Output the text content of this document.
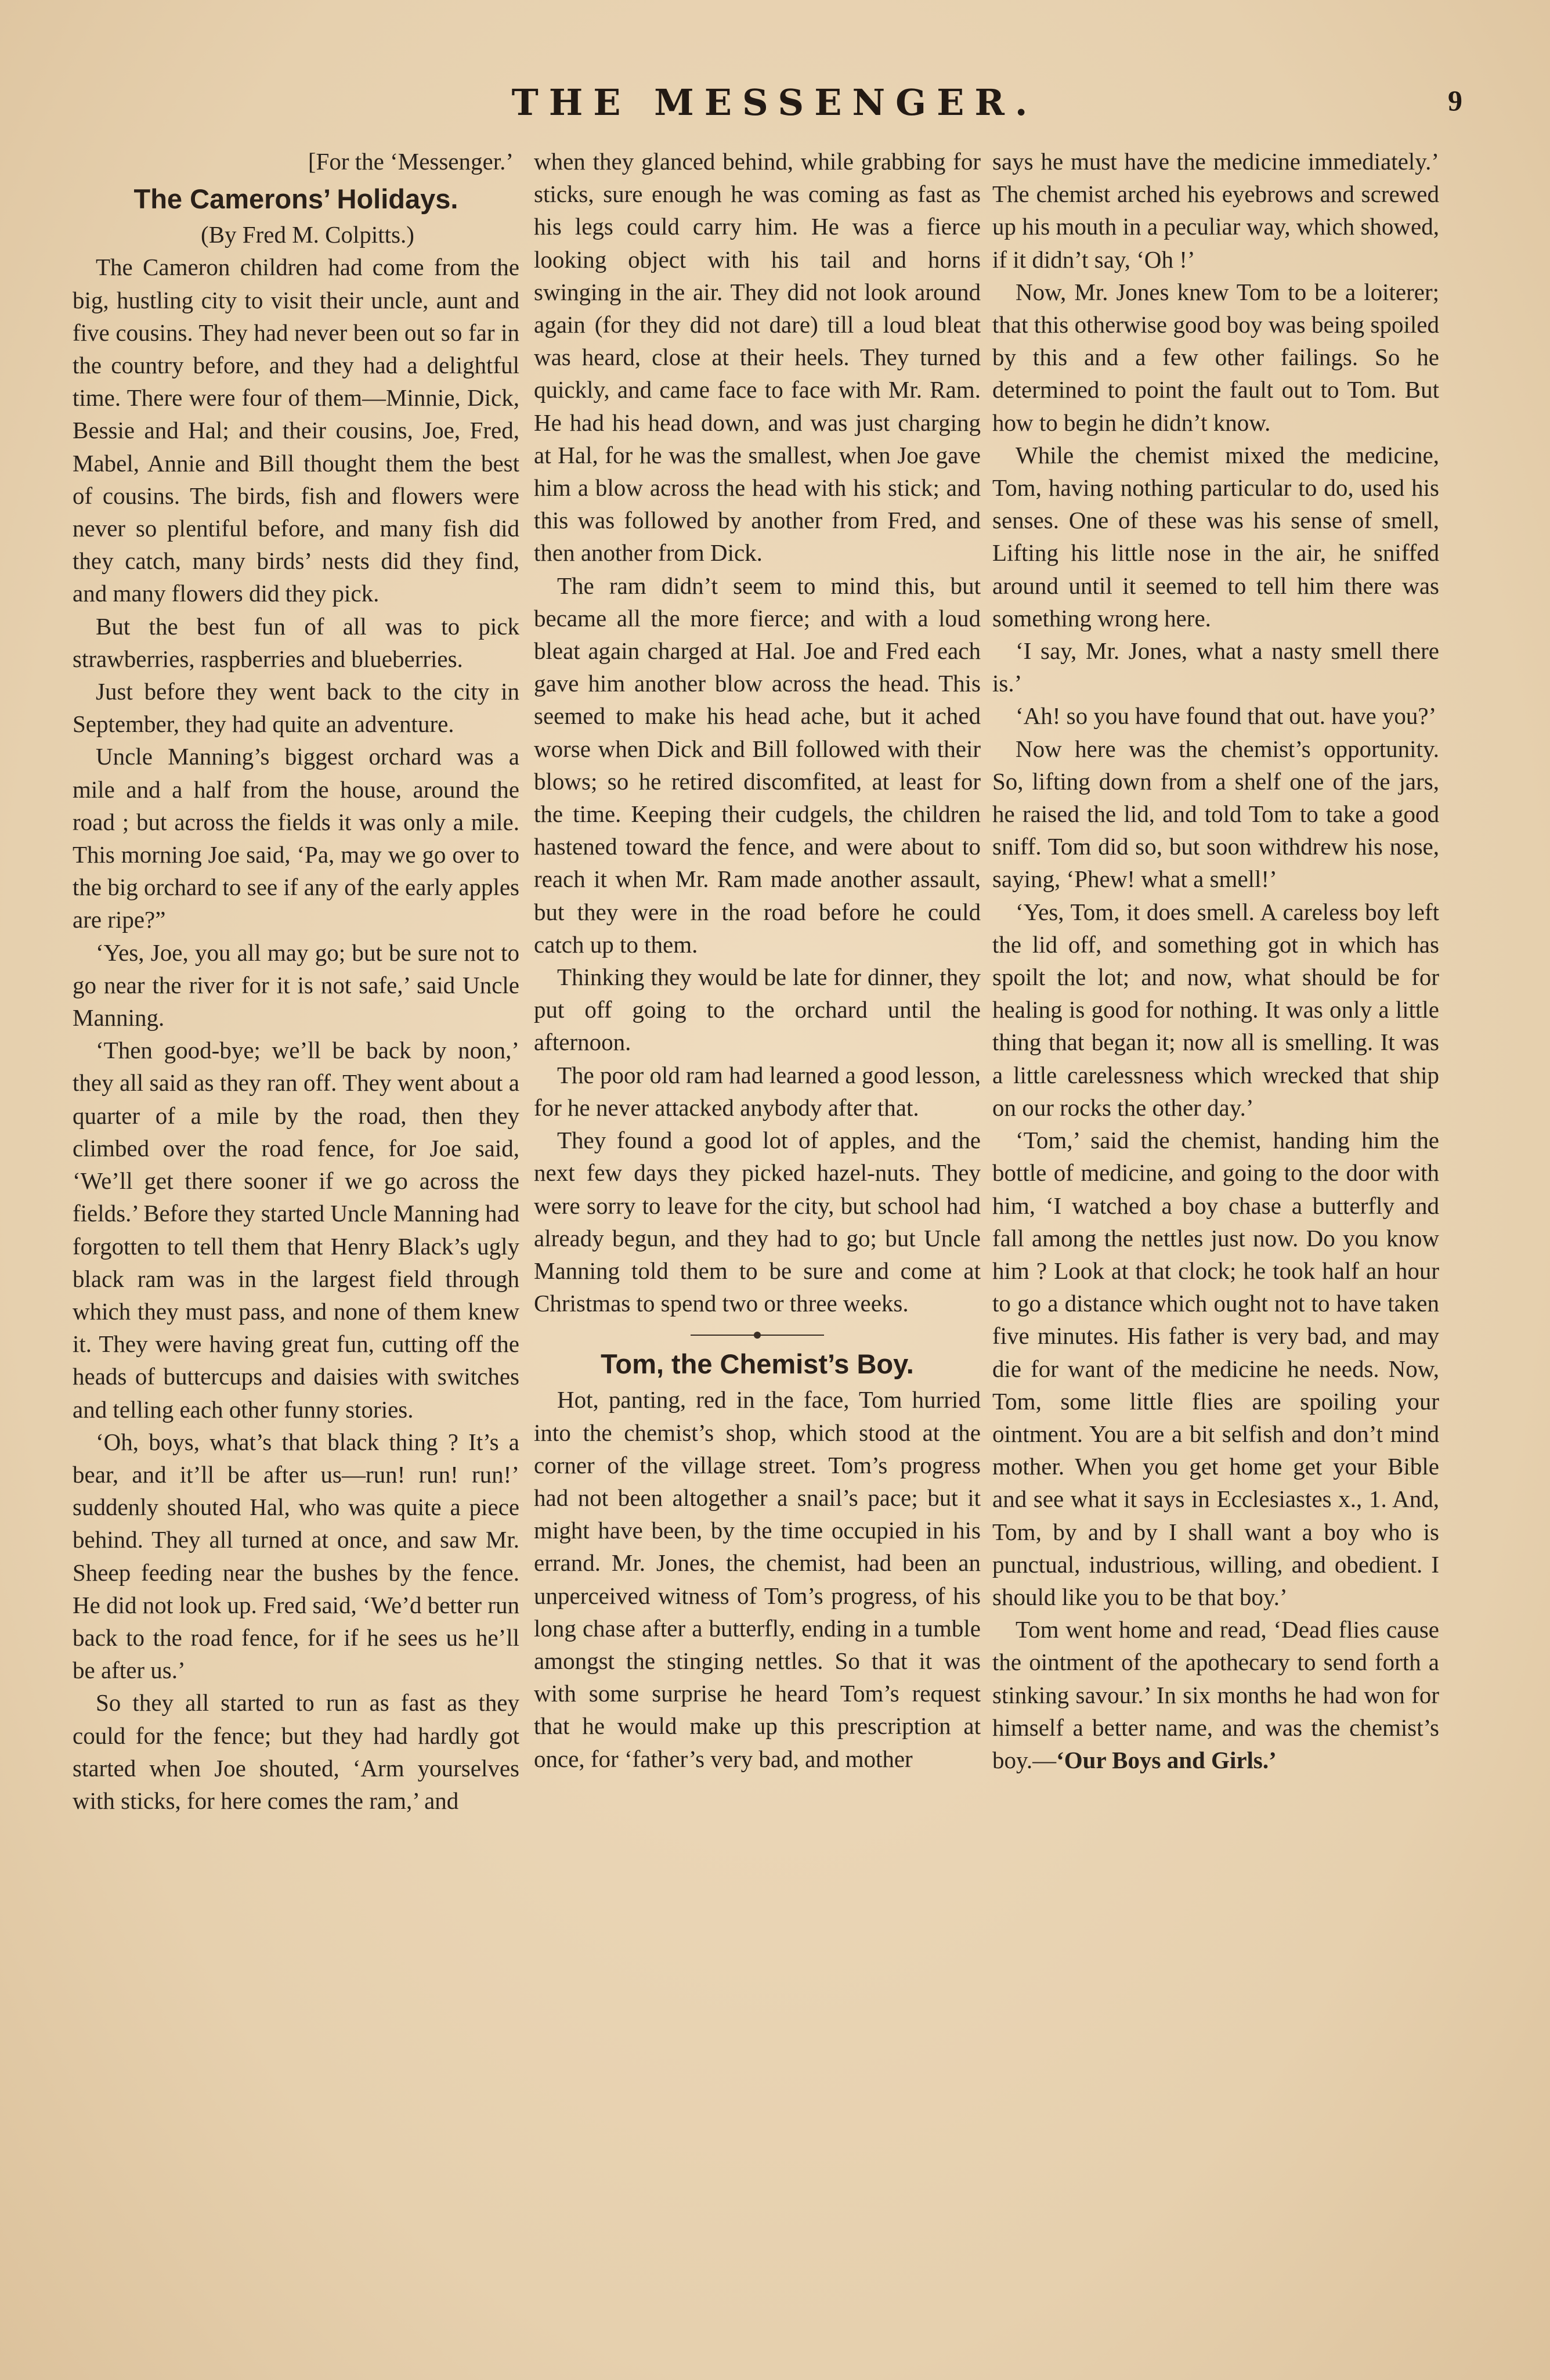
THE MESSENGER.	9

[For the ‘Messenger.’

The Camerons’ Holidays.

(By Fred M. Colpitts.)

The Cameron children had come from the big, hustling city to visit their uncle, aunt and five cousins. They had never been out so far in the country before, and they had a delightful time. There were four of them—Minnie, Dick, Bessie and Hal; and their cousins, Joe, Fred, Mabel, Annie and Bill thought them the best of cousins. The birds, fish and flowers were never so plentiful before, and many fish did they catch, many birds’ nests did they find, and many flowers did they pick.

But the best fun of all was to pick strawberries, raspberries and blueberries.

Just before they went back to the city in September, they had quite an adventure.

Uncle Manning’s biggest orchard was a mile and a half from the house, around the road ; but across the fields it was only a mile. This morning Joe said, ‘Pa, may we go over to the big orchard to see if any of the early apples are ripe?”

‘Yes, Joe, you all may go; but be sure not to go near the river for it is not safe,’ said Uncle Manning.

‘Then good-bye; we’ll be back by noon,’ they all said as they ran off. They went about a quarter of a mile by the road, then they climbed over the road fence, for Joe said, ‘We’ll get there sooner if we go across the fields.’ Before they started Uncle Manning had forgotten to tell them that Henry Black’s ugly black ram was in the largest field through which they must pass, and none of them knew it. They were having great fun, cutting off the heads of buttercups and daisies with switches and telling each other funny stories.

‘Oh, boys, what’s that black thing ? It’s a bear, and it’ll be after us—run! run! run!’ suddenly shouted Hal, who was quite a piece behind. They all turned at once, and saw Mr. Sheep feeding near the bushes by the fence. He did not look up. Fred said, ‘We’d better run back to the road fence, for if he sees us he’ll be after us.’

So they all started to run as fast as they could for the fence; but they had hardly got started when Joe shouted, ‘Arm yourselves with sticks, for here comes the ram,’ and

when they glanced behind, while grabbing for sticks, sure enough he was coming as fast as his legs could carry him. He was a fierce looking object with his tail and horns swinging in the air. They did not look around again (for they did not dare) till a loud bleat was heard, close at their heels. They turned quickly, and came face to face with Mr. Ram. He had his head down, and was just charging at Hal, for he was the smallest, when Joe gave him a blow across the head with his stick; and this was followed by another from Fred, and then another from Dick.

The ram didn’t seem to mind this, but became all the more fierce; and with a loud bleat again charged at Hal. Joe and Fred each gave him another blow across the head. This seemed to make his head ache, but it ached worse when Dick and Bill followed with their blows; so he retired discomfited, at least for the time. Keeping their cudgels, the children hastened toward the fence, and were about to reach it when Mr. Ram made another assault, but they were in the road before he could catch up to them.

Thinking they would be late for dinner, they put off going to the orchard until the afternoon.

The poor old ram had learned a good lesson, for he never attacked anybody after that.

They found a good lot of apples, and the next few days they picked hazel-nuts. They were sorry to leave for the city, but school had already begun, and they had to go; but Uncle Manning told them to be sure and come at Christmas to spend two or three weeks.

Tom, the Chemist’s Boy.

Hot, panting, red in the face, Tom hurried into the chemist’s shop, which stood at the corner of the village street. Tom’s progress had not been altogether a snail’s pace; but it might have been, by the time occupied in his errand. Mr. Jones, the chemist, had been an unperceived witness of Tom’s progress, of his long chase after a butterfly, ending in a tumble amongst the stinging nettles. So that it was with some surprise he heard Tom’s request that he would make up this prescription at once, for ‘father’s very bad, and mother

says he must have the medicine immediately.’ The chemist arched his eyebrows and screwed up his mouth in a peculiar way, which showed, if it didn’t say, ‘Oh !’

Now, Mr. Jones knew Tom to be a loiterer; that this otherwise good boy was being spoiled by this and a few other failings. So he determined to point the fault out to Tom. But how to begin he didn’t know.

While the chemist mixed the medicine, Tom, having nothing particular to do, used his senses. One of these was his sense of smell, Lifting his little nose in the air, he sniffed around until it seemed to tell him there was something wrong here.

‘I say, Mr. Jones, what a nasty smell there is.’

‘Ah! so you have found that out. have you?’

Now here was the chemist’s opportunity. So, lifting down from a shelf one of the jars, he raised the lid, and told Tom to take a good sniff. Tom did so, but soon withdrew his nose, saying, ‘Phew! what a smell!’

‘Yes, Tom, it does smell. A careless boy left the lid off, and something got in which has spoilt the lot; and now, what should be for healing is good for nothing. It was only a little thing that began it; now all is smelling. It was a little carelessness which wrecked that ship on our rocks the other day.’

‘Tom,’ said the chemist, handing him the bottle of medicine, and going to the door with him, ‘I watched a boy chase a butterfly and fall among the nettles just now. Do you know him ? Look at that clock; he took half an hour to go a distance which ought not to have taken five minutes. His father is very bad, and may die for want of the medicine he needs. Now, Tom, some little flies are spoiling your ointment. You are a bit selfish and don’t mind mother. When you get home get your Bible and see what it says in Ecclesiastes x., 1. And, Tom, by and by I shall want a boy who is punctual, industrious, willing, and obedient. I should like you to be that boy.’

Tom went home and read, ‘Dead flies cause the ointment of the apothecary to send forth a stinking savour.’ In six months he had won for himself a better name, and was the chemist’s boy.—‘Our Boys and Girls.’
